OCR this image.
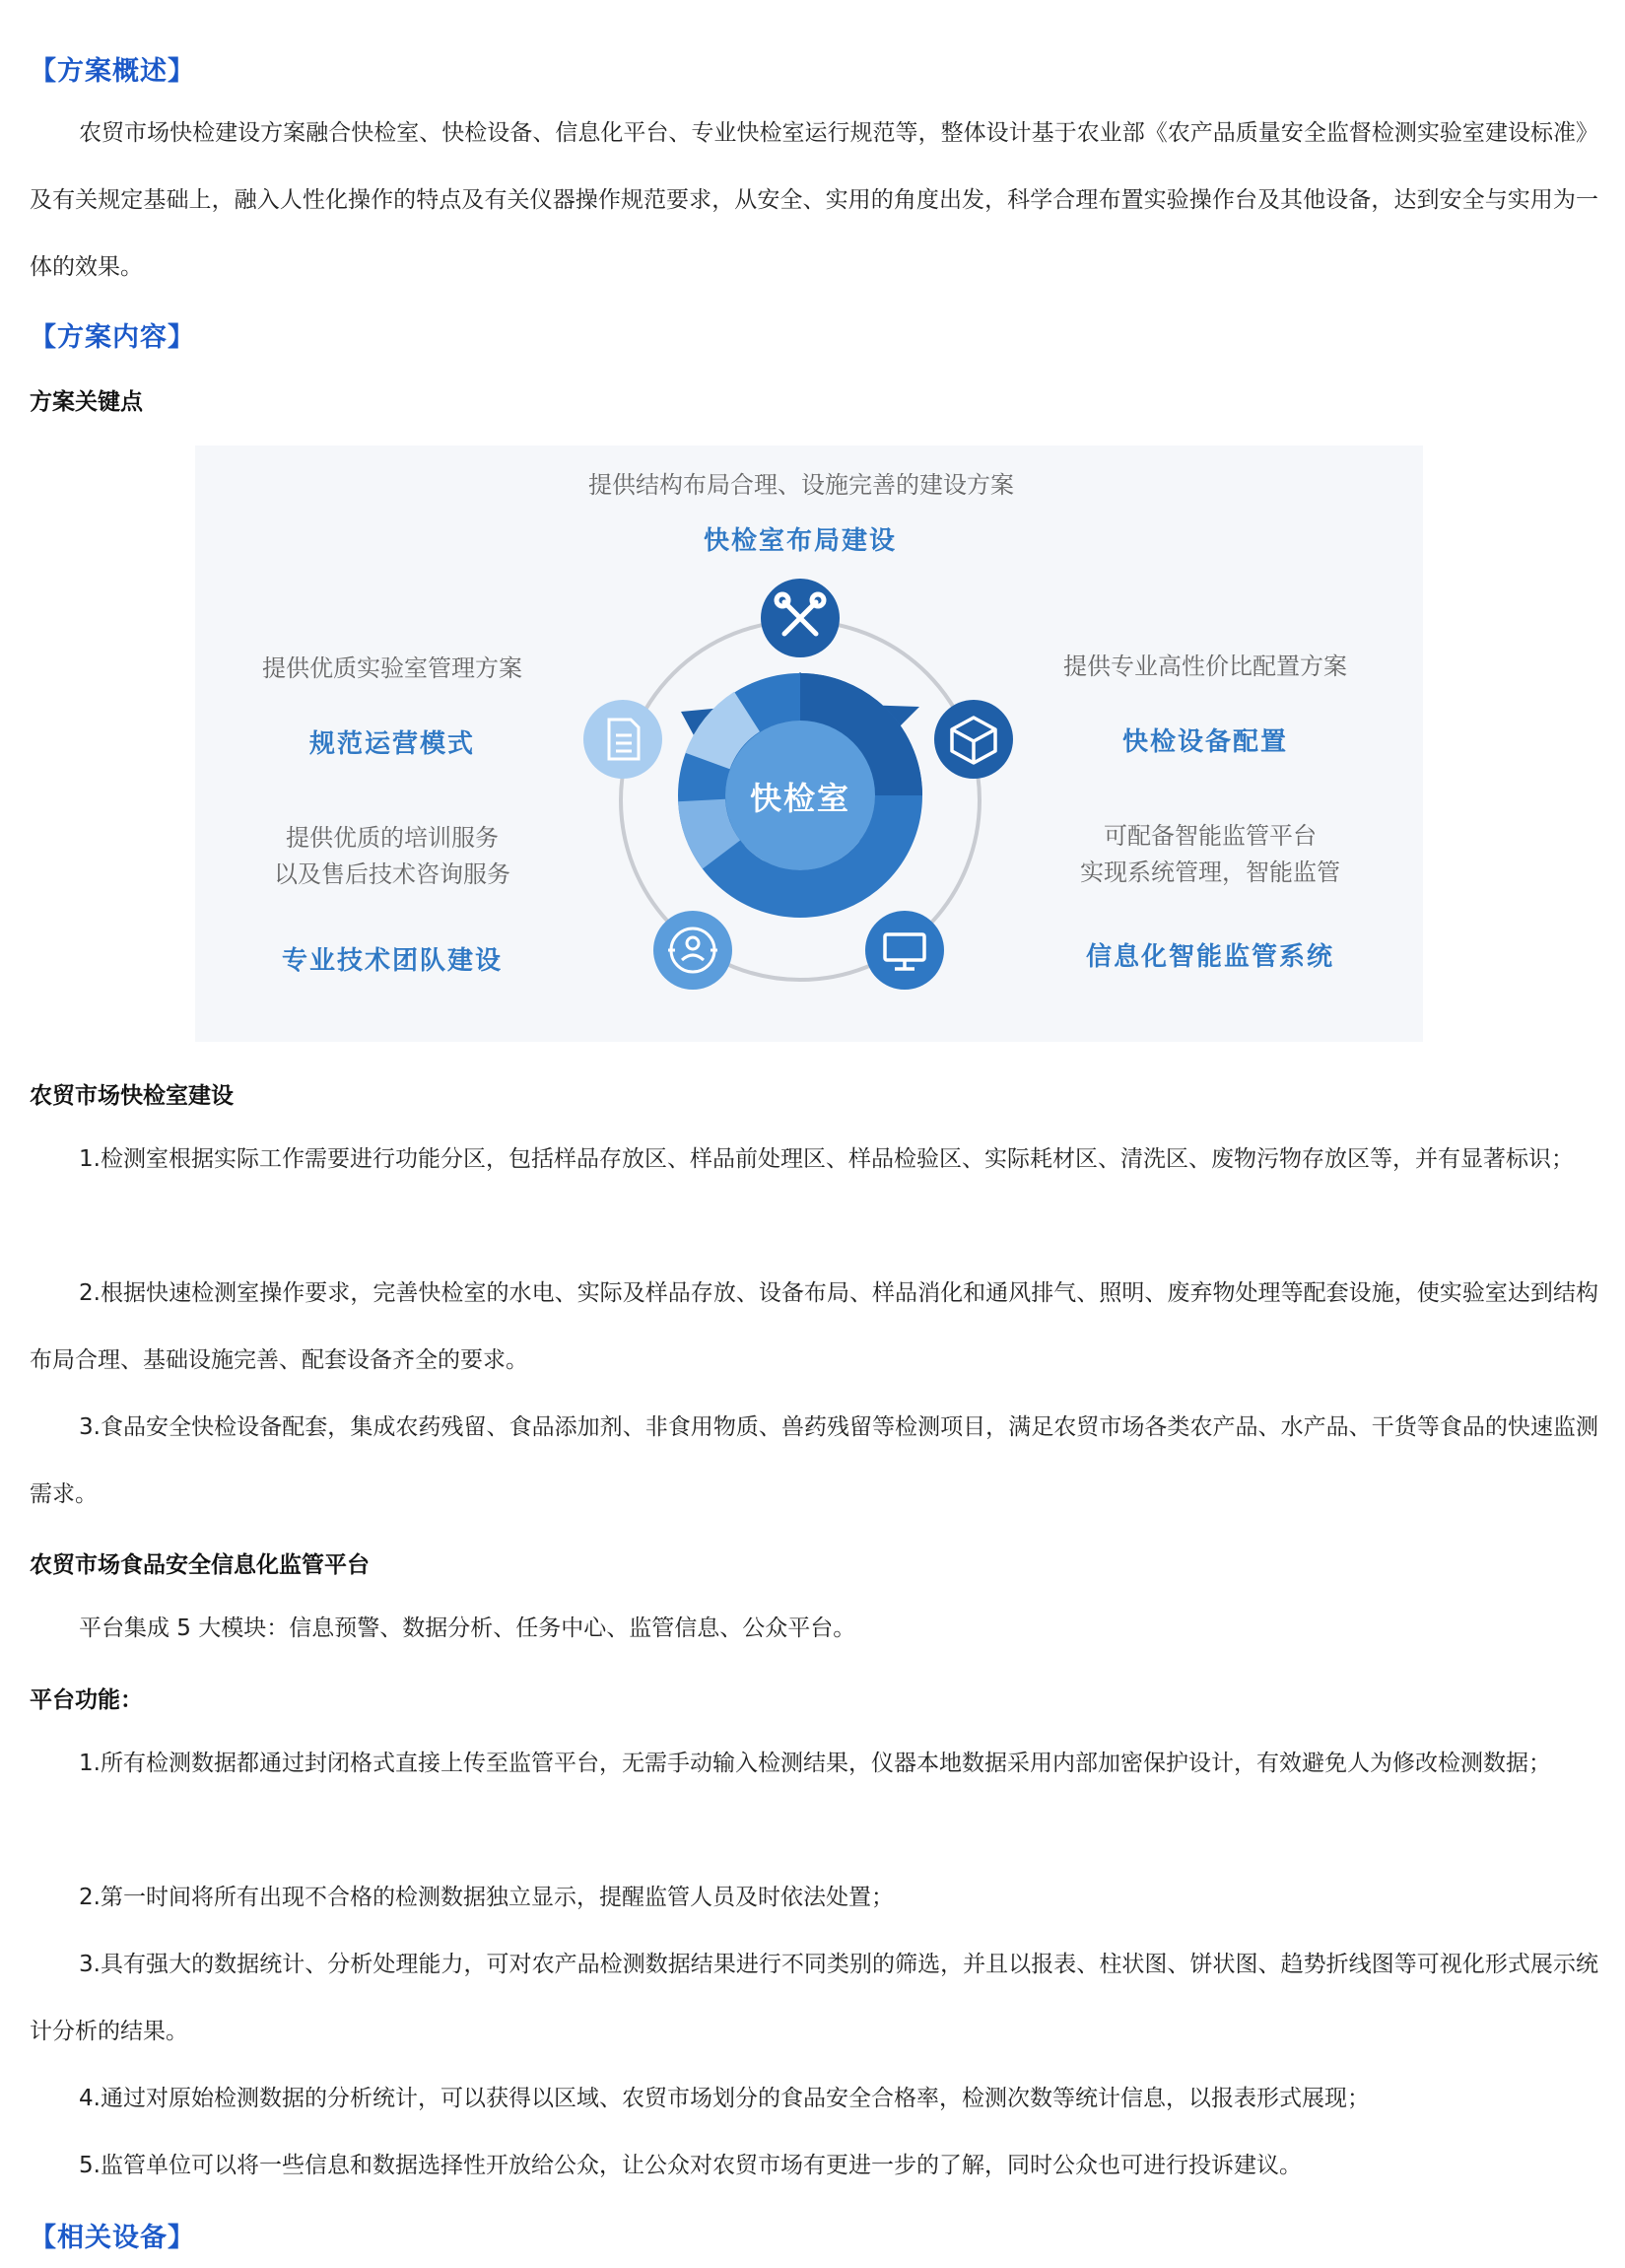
【方案概述】
农贸市场快检建设方案融合快检室、快检设备、信息化平台、专业快检室运行规范等，整体设计基于农业部《农产品质量安全监督检测实验室建设标准》及有关规定基础上，融入人性化操作的特点及有关仪器操作规范要求，从安全、实用的角度出发，科学合理布置实验操作台及其他设备，达到安全与实用为一体的效果。
【方案内容】
方案关键点
快检室
提供结构布局合理、设施完善的建设方案
快检室布局建设
提供专业高性价比配置方案
快检设备配置
可配备智能监管平台
实现系统管理，智能监管
信息化智能监管系统
提供优质的培训服务
以及售后技术咨询服务
专业技术团队建设
提供优质实验室管理方案
规范运营模式
农贸市场快检室建设
1.检测室根据实际工作需要进行功能分区，包括样品存放区、样品前处理区、样品检验区、实际耗材区、清洗区、废物污物存放区等，并有显著标识；
2.根据快速检测室操作要求，完善快检室的水电、实际及样品存放、设备布局、样品消化和通风排气、照明、废弃物处理等配套设施，使实验室达到结构布局合理、基础设施完善、配套设备齐全的要求。
3.食品安全快检设备配套，集成农药残留、食品添加剂、非食用物质、兽药残留等检测项目，满足农贸市场各类农产品、水产品、干货等食品的快速监测需求。
农贸市场食品安全信息化监管平台
平台集成 5 大模块：信息预警、数据分析、任务中心、监管信息、公众平台。
平台功能：
1.所有检测数据都通过封闭格式直接上传至监管平台，无需手动输入检测结果，仪器本地数据采用内部加密保护设计，有效避免人为修改检测数据；
2.第一时间将所有出现不合格的检测数据独立显示，提醒监管人员及时依法处置；
3.具有强大的数据统计、分析处理能力，可对农产品检测数据结果进行不同类别的筛选，并且以报表、柱状图、饼状图、趋势折线图等可视化形式展示统计分析的结果。
4.通过对原始检测数据的分析统计，可以获得以区域、农贸市场划分的食品安全合格率，检测次数等统计信息，以报表形式展现；
5.监管单位可以将一些信息和数据选择性开放给公众，让公众对农贸市场有更进一步的了解，同时公众也可进行投诉建议。
【相关设备】
